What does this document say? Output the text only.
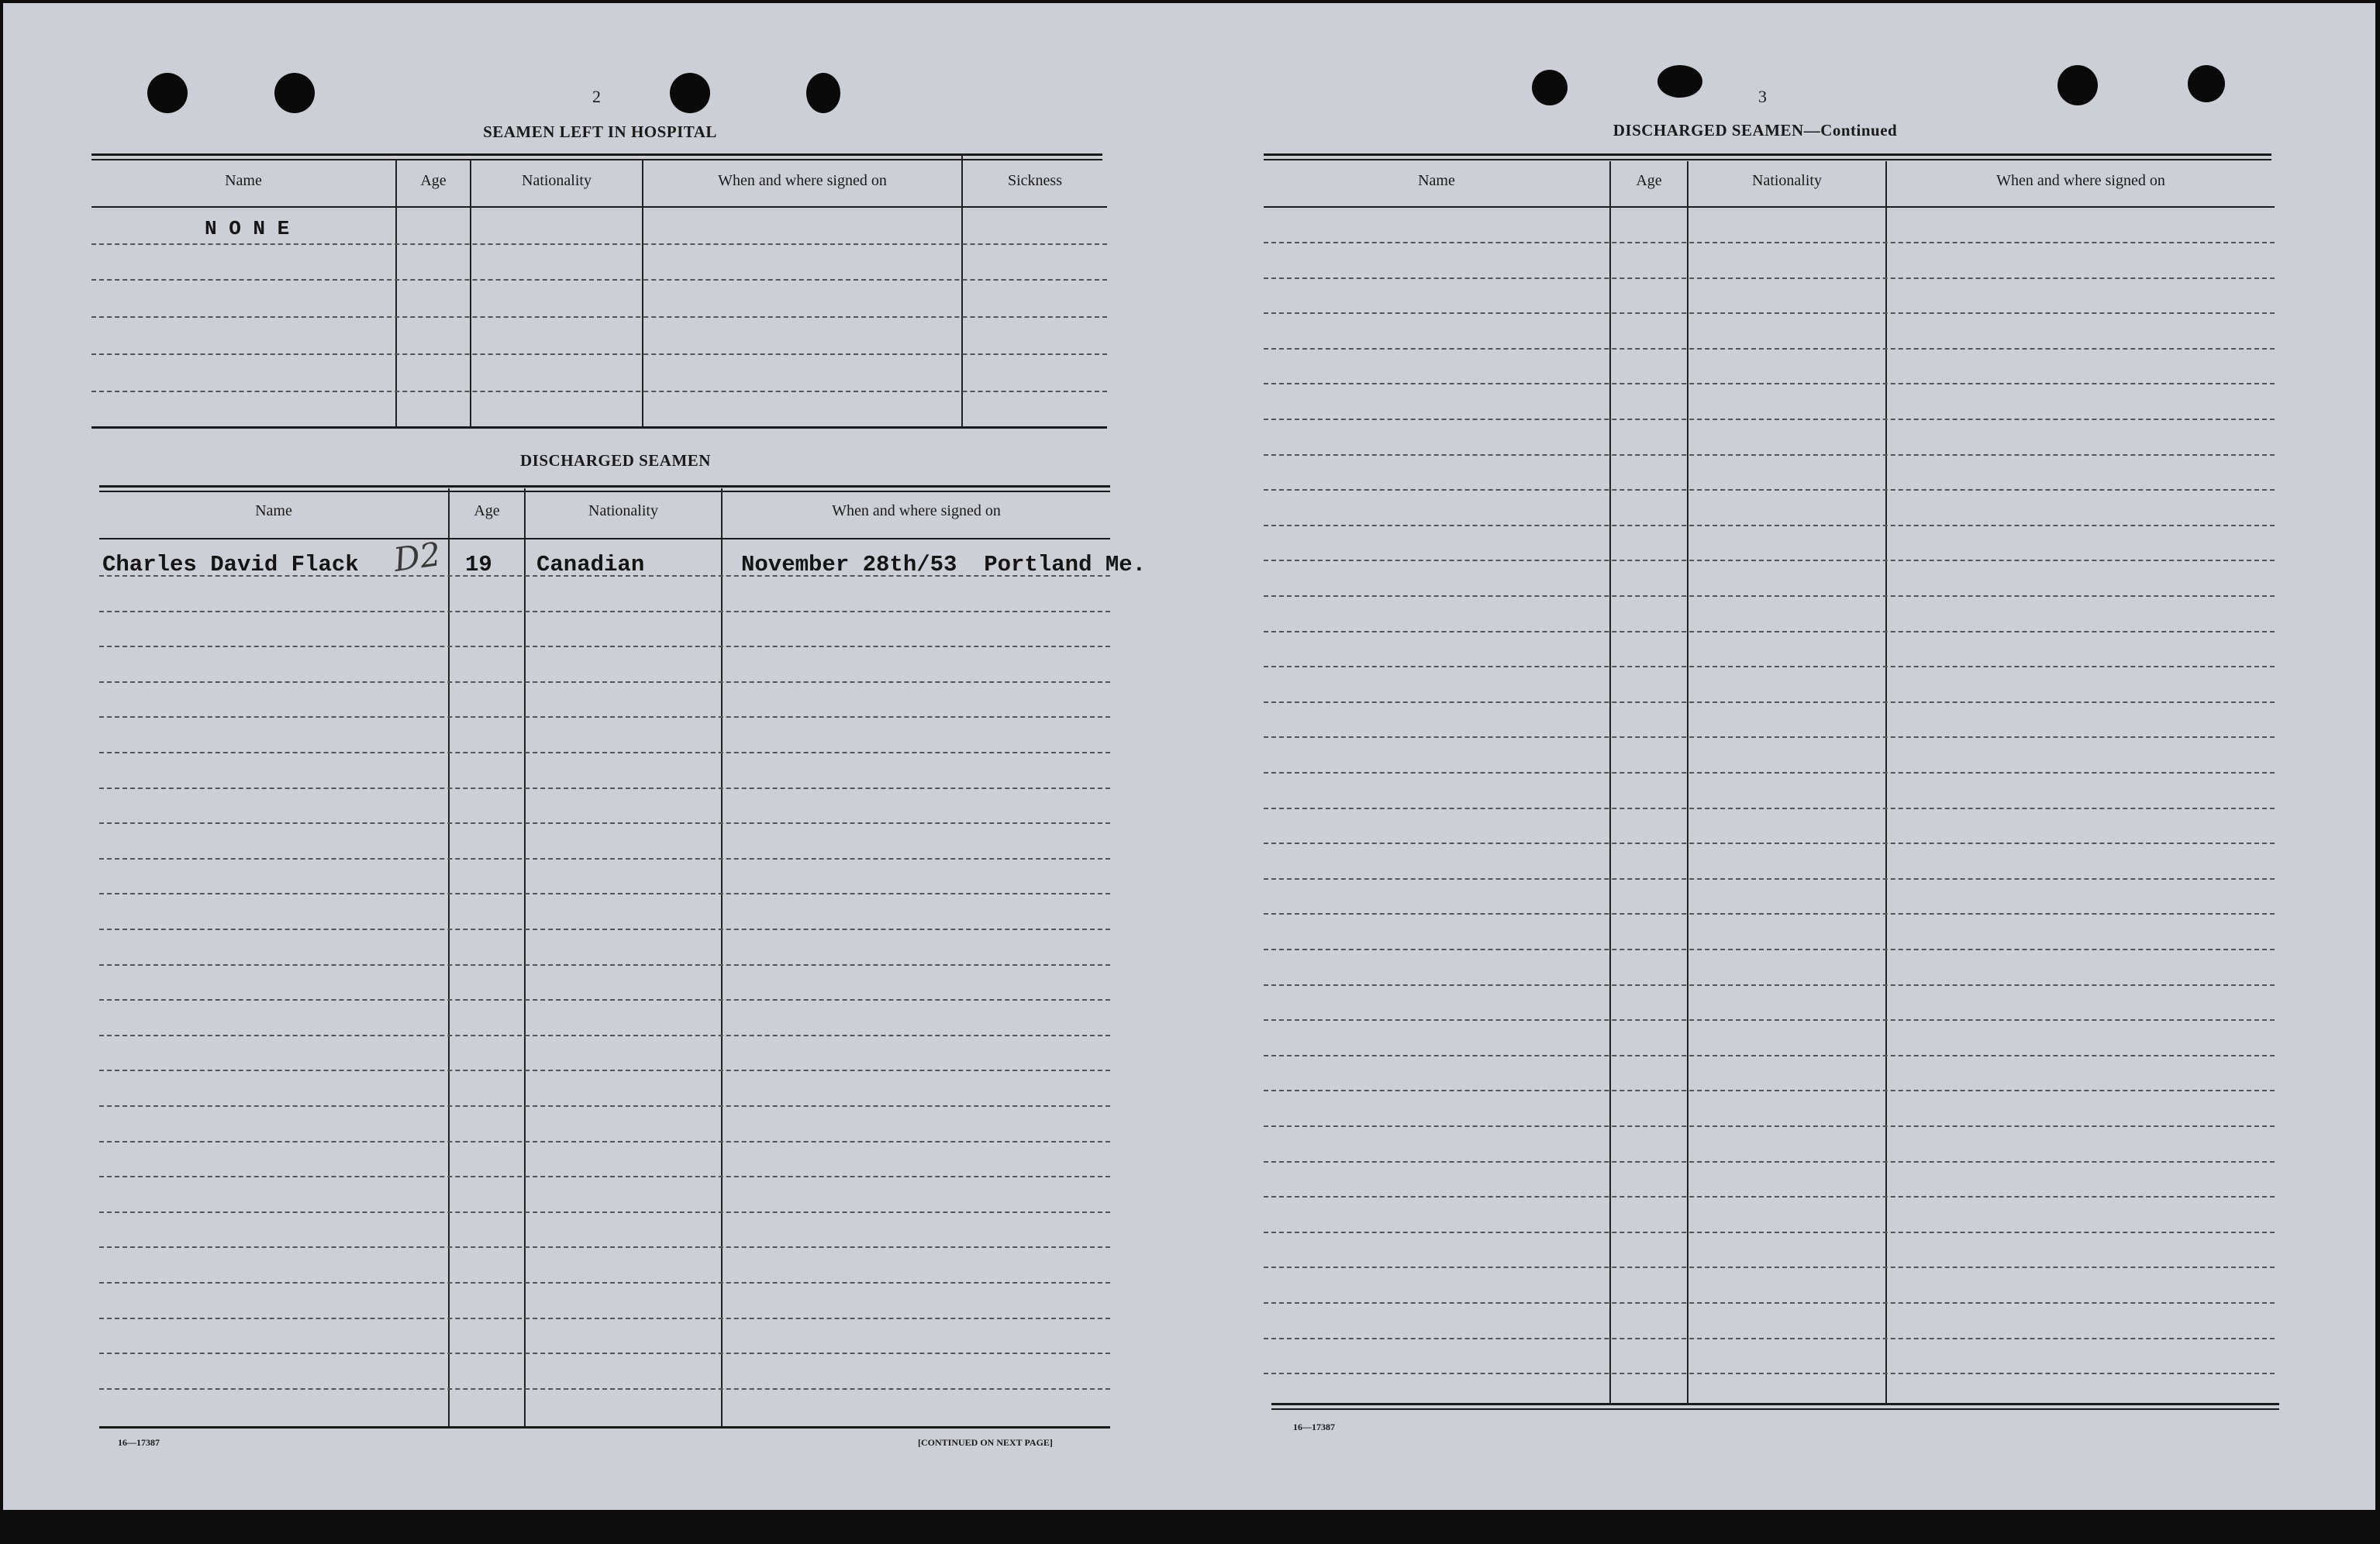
2
SEAMEN LEFT IN HOSPITAL
Name	Age	Nationality	When and where signed on	Sickness
N O N E
DISCHARGED SEAMEN
Name	Age	Nationality	When and where signed on
Charles David Flack	19 Canadian	November 28th/53  Portland Me.
D2
16—17387	[CONTINUED ON NEXT PAGE]
3
DISCHARGED SEAMEN—Continued
Name	Age	Nationality	When and where signed on
16—17387
